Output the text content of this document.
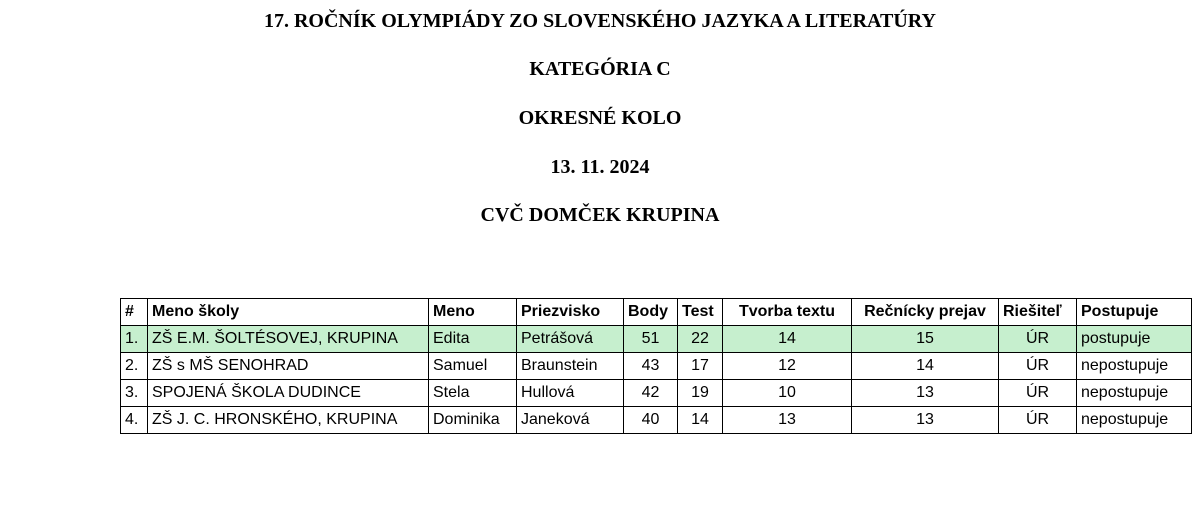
17. ROČNÍK OLYMPIÁDY ZO SLOVENSKÉHO JAZYKA A LITERATÚRY
KATEGÓRIA C
OKRESNÉ KOLO
13. 11. 2024
CVČ DOMČEK KRUPINA
#	Meno školy	Meno	Priezvisko	Body	Test	Tvorba textu	Rečnícky prejav	Riešiteľ	Postupuje
1.	ZŠ E.M. ŠOLTÉSOVEJ, KRUPINA	Edita	Petrášová	51	22	14	15	ÚR	postupuje
2.	ZŠ s MŠ SENOHRAD	Samuel	Braunstein	43	17	12	14	ÚR	nepostupuje
3.	SPOJENÁ ŠKOLA DUDINCE	Stela	Hullová	42	19	10	13	ÚR	nepostupuje
4.	ZŠ J. C. HRONSKÉHO, KRUPINA	Dominika	Janeková	40	14	13	13	ÚR	nepostupuje
